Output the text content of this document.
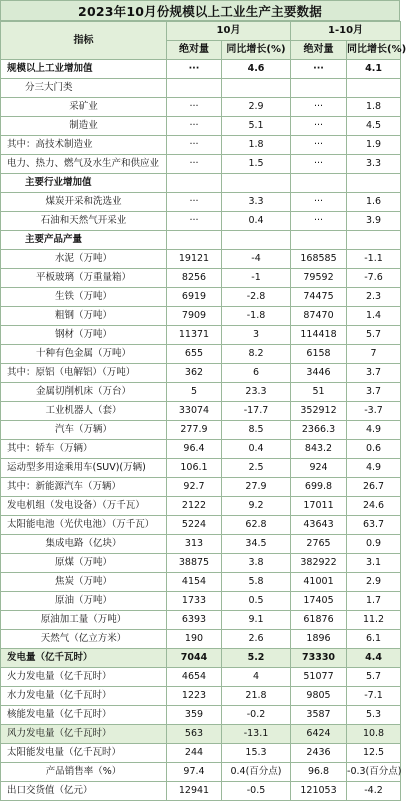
2023年10月份规模以上工业生产主要数据
指标	10月		1-10月	
	绝对量	同比增长(%)	绝对量	同比增长(%)
规模以上工业增加值	···	4.6	···	4.1
分三大门类				
采矿业	···	2.9	···	1.8
制造业	···	5.1	···	4.5
其中：高技术制造业	···	1.8	···	1.9
电力、热力、燃气及水生产和供应业	···	1.5	···	3.3
主要行业增加值				
煤炭开采和洗选业	···	3.3	···	1.6
石油和天然气开采业	···	0.4	···	3.9
主要产品产量				
水泥（万吨）	19121	-4	168585	-1.1
平板玻璃（万重量箱）	8256	-1	79592	-7.6
生铁（万吨）	6919	-2.8	74475	2.3
粗钢（万吨）	7909	-1.8	87470	1.4
钢材（万吨）	11371	3	114418	5.7
十种有色金属（万吨）	655	8.2	6158	7
其中：原铝（电解铝）（万吨）	362	6	3446	3.7
金属切削机床（万台）	5	23.3	51	3.7
工业机器人（套）	33074	-17.7	352912	-3.7
汽车（万辆）	277.9	8.5	2366.3	4.9
其中：轿车（万辆）	96.4	0.4	843.2	0.6
运动型多用途乘用车(SUV)(万辆)	106.1	2.5	924	4.9
其中：新能源汽车（万辆）	92.7	27.9	699.8	26.7
发电机组（发电设备）（万千瓦）	2122	9.2	17011	24.6
太阳能电池（光伏电池）（万千瓦）	5224	62.8	43643	63.7
集成电路（亿块）	313	34.5	2765	0.9
原煤（万吨）	38875	3.8	382922	3.1
焦炭（万吨）	4154	5.8	41001	2.9
原油（万吨）	1733	0.5	17405	1.7
原油加工量（万吨）	6393	9.1	61876	11.2
天然气（亿立方米）	190	2.6	1896	6.1
发电量（亿千瓦时）	7044	5.2	73330	4.4
火力发电量（亿千瓦时）	4654	4	51077	5.7
水力发电量（亿千瓦时）	1223	21.8	9805	-7.1
核能发电量（亿千瓦时）	359	-0.2	3587	5.3
风力发电量（亿千瓦时）	563	-13.1	6424	10.8
太阳能发电量（亿千瓦时）	244	15.3	2436	12.5
产品销售率（%）	97.4	0.4(百分点)	96.8	-0.3(百分点)
出口交货值（亿元）	12941	-0.5	121053	-4.2
